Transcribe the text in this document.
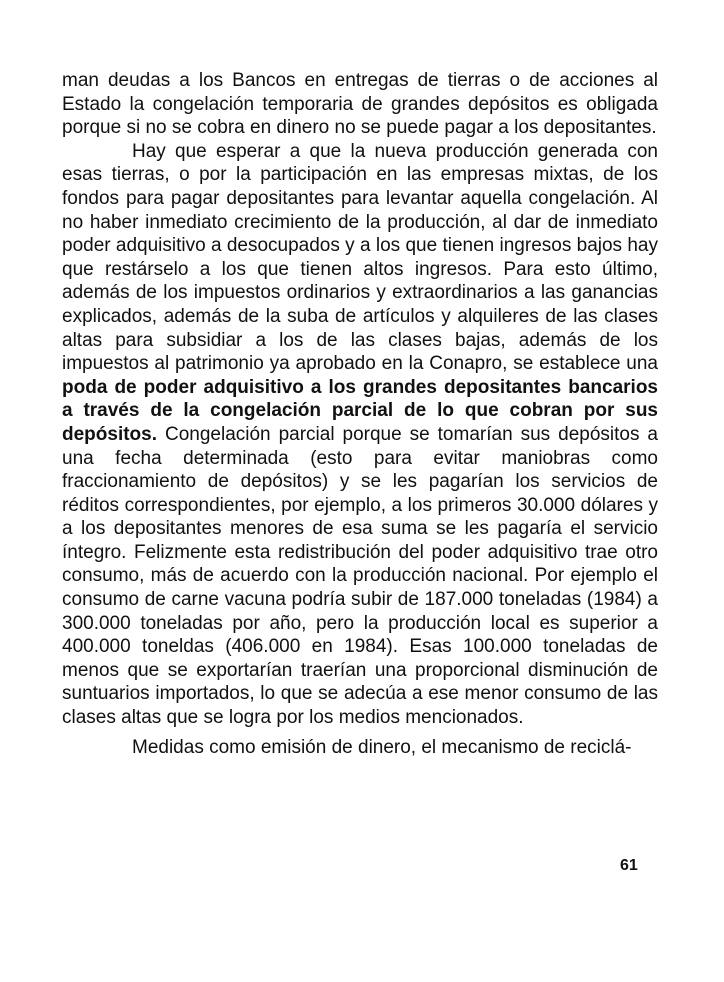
man deudas a los Bancos en entregas de tierras o de acciones al Estado la congelación temporaria de grandes depósitos es obligada porque si no se cobra en dinero no se puede pagar a los depositantes.

Hay que esperar a que la nueva producción generada con esas tierras, o por la participación en las empresas mixtas, de los fondos para pagar depositantes para levantar aquella congelación. Al no haber inmediato crecimiento de la producción, al dar de inmediato poder adquisitivo a desocupados y a los que tienen ingresos bajos hay que restárselo a los que tienen altos ingresos. Para esto último, además de los impuestos ordinarios y extraordinarios a las ganancias explicados, además de la suba de artículos y alquileres de las clases altas para subsidiar a los de las clases bajas, además de los impuestos al patrimonio ya aprobado en la Conapro, se establece una poda de poder adquisitivo a los grandes depositantes bancarios a través de la congelación parcial de lo que cobran por sus depósitos. Congelación parcial porque se tomarían sus depósitos a una fecha determinada (esto para evitar maniobras como fraccionamiento de depósitos) y se les pagarían los servicios de réditos correspondientes, por ejemplo, a los primeros 30.000 dólares y a los depositantes menores de esa suma se les pagaría el servicio íntegro. Felizmente esta redistribución del poder adquisitivo trae otro consumo, más de acuerdo con la producción nacional. Por ejemplo el consumo de carne vacuna podría subir de 187.000 toneladas (1984) a 300.000 toneladas por año, pero la producción local es superior a 400.000 toneldas (406.000 en 1984). Esas 100.000 toneladas de menos que se exportarían traerían una proporcional disminución de suntuarios importados, lo que se adecúa a ese menor consumo de las clases altas que se logra por los medios mencionados.

Medidas como emisión de dinero, el mecanismo de reciclá-

61
